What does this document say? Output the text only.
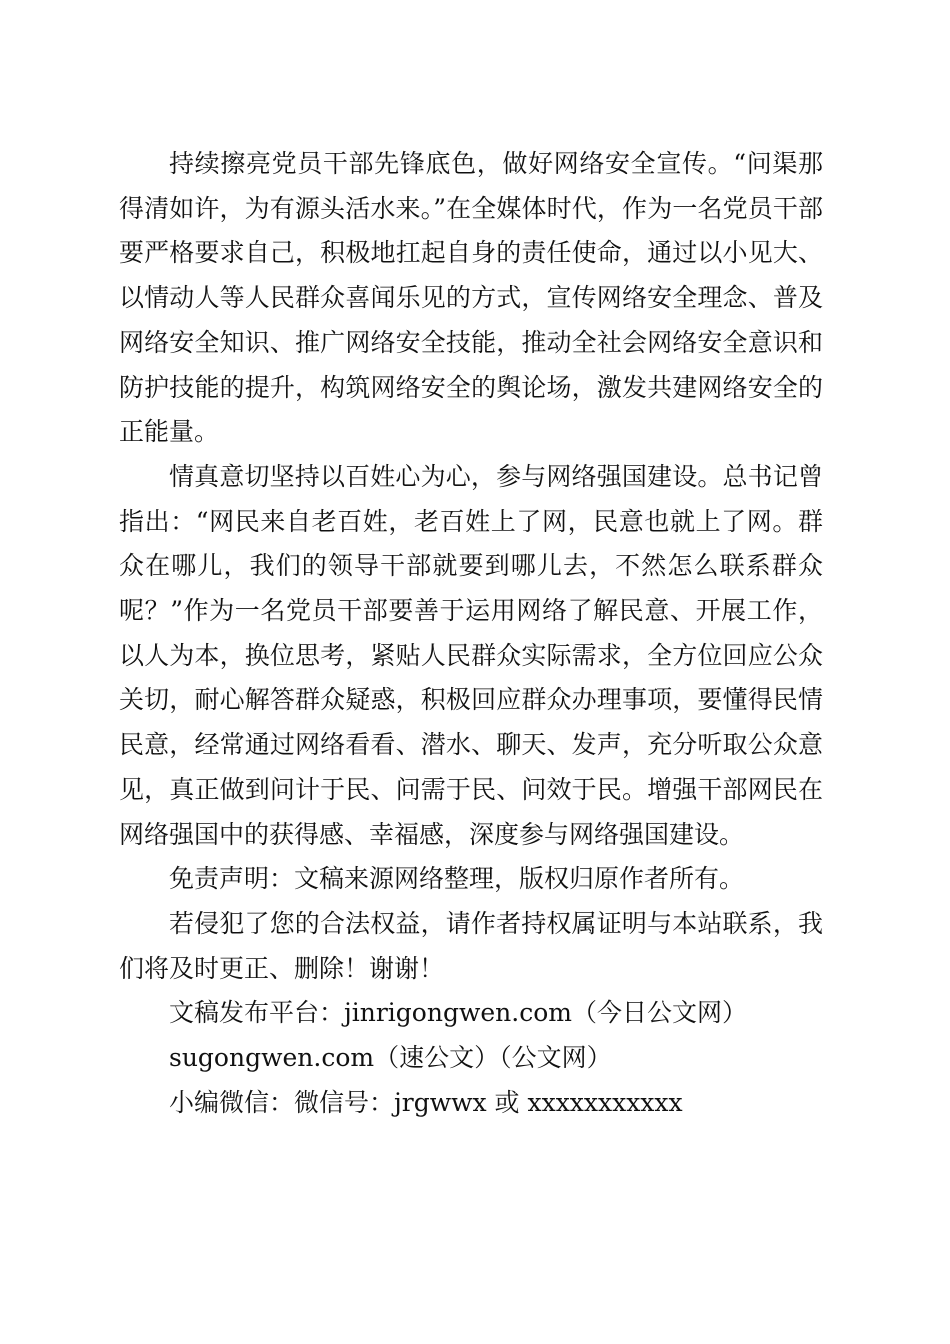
持续擦亮党员干部先锋底色，做好网络安全宣传。“问渠那得清如许，为有源头活水来。”在全媒体时代，作为一名党员干部要严格要求自己，积极地扛起自身的责任使命，通过以小见大、以情动人等人民群众喜闻乐见的方式，宣传网络安全理念、普及网络安全知识、推广网络安全技能，推动全社会网络安全意识和防护技能的提升，构筑网络安全的舆论场，激发共建网络安全的正能量。

情真意切坚持以百姓心为心，参与网络强国建设。总书记曾指出：“网民来自老百姓，老百姓上了网，民意也就上了网。群众在哪儿，我们的领导干部就要到哪儿去，不然怎么联系群众呢？”作为一名党员干部要善于运用网络了解民意、开展工作，以人为本，换位思考，紧贴人民群众实际需求，全方位回应公众关切，耐心解答群众疑惑，积极回应群众办理事项，要懂得民情民意，经常通过网络看看、潜水、聊天、发声，充分听取公众意见，真正做到问计于民、问需于民、问效于民。增强干部网民在网络强国中的获得感、幸福感，深度参与网络强国建设。

免责声明：文稿来源网络整理，版权归原作者所有。

若侵犯了您的合法权益，请作者持权属证明与本站联系，我们将及时更正、删除！谢谢！

文稿发布平台：jinrigongwen.com（今日公文网）

sugongwen.com（速公文）（公文网）

小编微信：微信号：jrgwwx 或 xxxxxxxxxxx
